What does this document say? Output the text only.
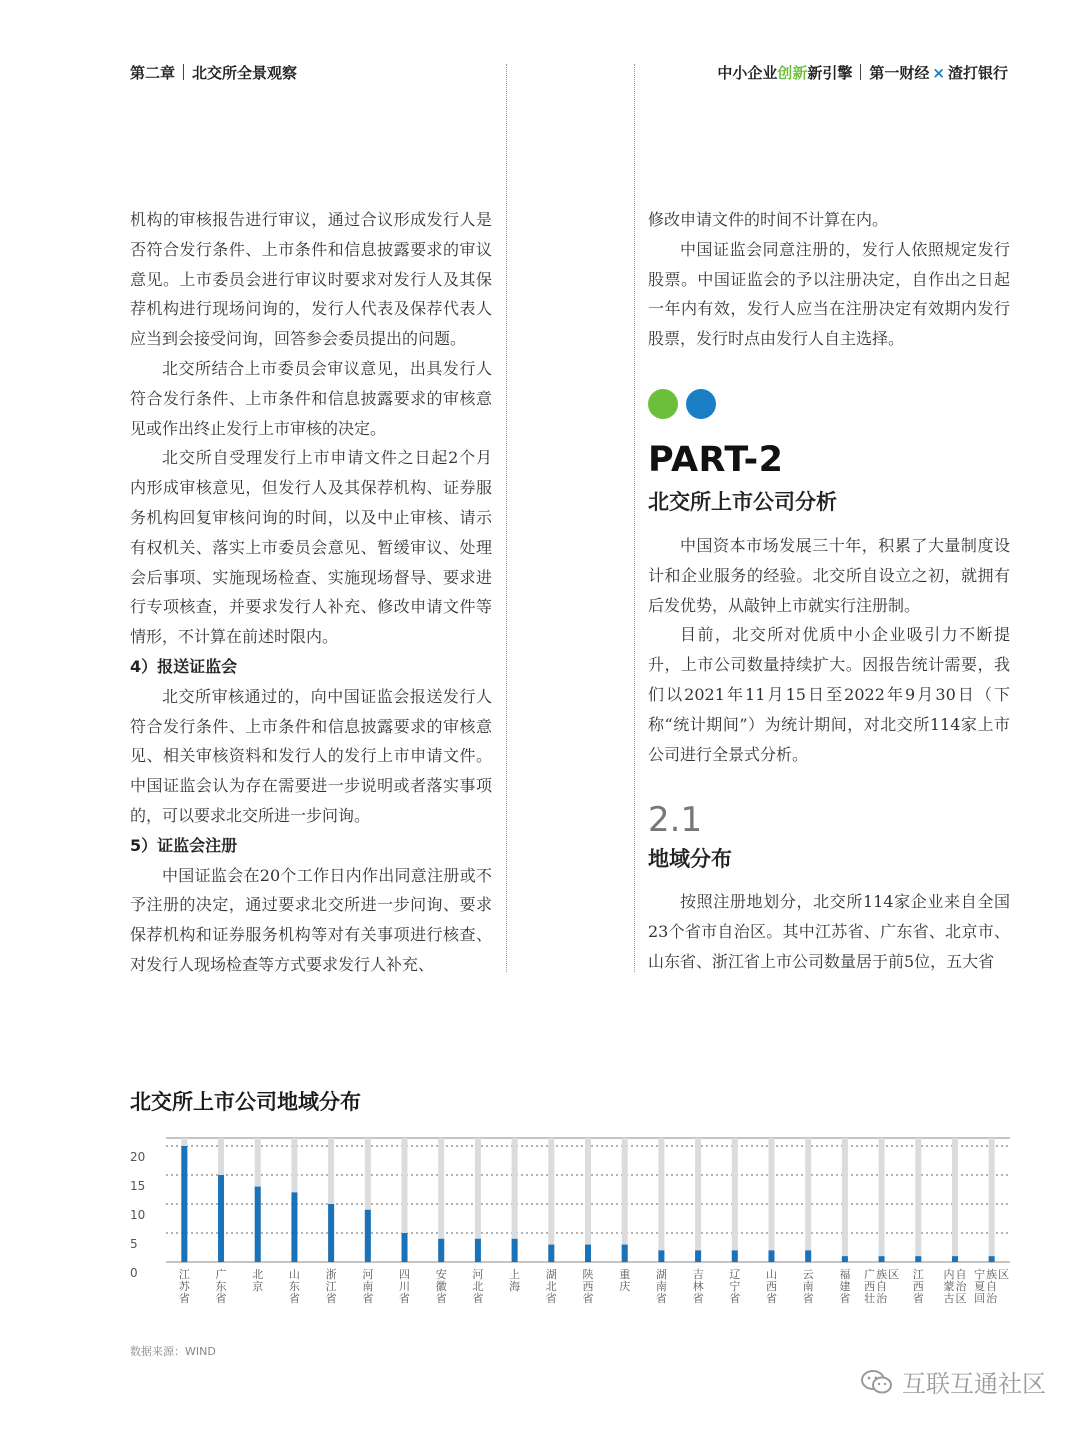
第二章 北交所全景观察	中小企业创新新引擎 第一财经 × 渣打银行

机构的审核报告进行审议，通过合议形成发行人是否符合发行条件、上市条件和信息披露要求的审议意见。上市委员会进行审议时要求对发行人及其保荐机构进行现场问询的，发行人代表及保荐代表人应当到会接受问询，回答参会委员提出的问题。

北交所结合上市委员会审议意见，出具发行人符合发行条件、上市条件和信息披露要求的审核意见或作出终止发行上市审核的决定。

北交所自受理发行上市申请文件之日起2个月内形成审核意见，但发行人及其保荐机构、证券服务机构回复审核问询的时间，以及中止审核、请示有权机关、落实上市委员会意见、暂缓审议、处理会后事项、实施现场检查、实施现场督导、要求进行专项核查，并要求发行人补充、修改申请文件等情形，不计算在前述时限内。

4）报送证监会

北交所审核通过的，向中国证监会报送发行人符合发行条件、上市条件和信息披露要求的审核意见、相关审核资料和发行人的发行上市申请文件。中国证监会认为存在需要进一步说明或者落实事项的，可以要求北交所进一步问询。

5）证监会注册

中国证监会在20个工作日内作出同意注册或不予注册的决定，通过要求北交所进一步问询、要求保荐机构和证券服务机构等对有关事项进行核查、对发行人现场检查等方式要求发行人补充、

修改申请文件的时间不计算在内。

中国证监会同意注册的，发行人依照规定发行股票。中国证监会的予以注册决定，自作出之日起一年内有效，发行人应当在注册决定有效期内发行股票，发行时点由发行人自主选择。

PART-2
北交所上市公司分析

中国资本市场发展三十年，积累了大量制度设计和企业服务的经验。北交所自设立之初，就拥有后发优势，从敲钟上市就实行注册制。

目前，北交所对优质中小企业吸引力不断提升，上市公司数量持续扩大。因报告统计需要，我们以2021年11月15日至2022年9月30日（下称“统计期间”）为统计期间，对北交所114家上市公司进行全景式分析。

2.1
地域分布

按照注册地划分，北交所114家企业来自全国23个省市自治区。其中江苏省、广东省、北京市、山东省、浙江省上市公司数量居于前5位，五大省

北交所上市公司地域分布
0
5
10
15
20
江苏省
广东省
北京
山东省
浙江省
河南省
四川省
安徽省
河北省
上海
湖北省
陕西省
重庆
湖南省
吉林省
辽宁省
山西省
云南省
福建省
广西壮族自治区 江西省
内蒙古自治区
宁夏回族自治区
数据来源：WIND
互联互通社区
